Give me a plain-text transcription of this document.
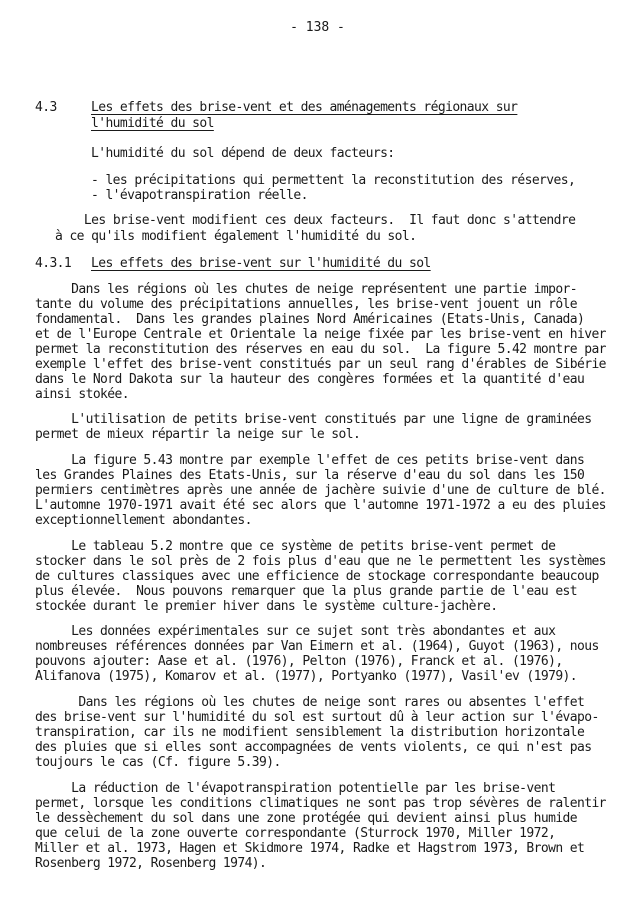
- 138 -
4.3	Les effets des brise-vent et des aménagements régionaux sur
l'humidité du sol
L'humidité du sol dépend de deux facteurs:
- les précipitations qui permettent la reconstitution des réserves,
- l'évapotranspiration réelle.
Les brise-vent modifient ces deux facteurs.  Il faut donc s'attendre
à ce qu'ils modifient également l'humidité du sol.
4.3.1 Les effets des brise-vent sur l'humidité du sol
Dans les régions où les chutes de neige représentent une partie impor-
tante du volume des précipitations annuelles, les brise-vent jouent un rôle
fondamental.  Dans les grandes plaines Nord Américaines (Etats-Unis, Canada)
et de l'Europe Centrale et Orientale la neige fixée par les brise-vent en hiver
permet la reconstitution des réserves en eau du sol.  La figure 5.42 montre par
exemple l'effet des brise-vent constitués par un seul rang d'érables de Sibérie
dans le Nord Dakota sur la hauteur des congères formées et la quantité d'eau
ainsi stokée.
L'utilisation de petits brise-vent constitués par une ligne de graminées
permet de mieux répartir la neige sur le sol.
La figure 5.43 montre par exemple l'effet de ces petits brise-vent dans
les Grandes Plaines des Etats-Unis, sur la réserve d'eau du sol dans les 150
permiers centimètres après une année de jachère suivie d'une de culture de blé.
L'automne 1970-1971 avait été sec alors que l'automne 1971-1972 a eu des pluies
exceptionnellement abondantes.
Le tableau 5.2 montre que ce système de petits brise-vent permet de
stocker dans le sol près de 2 fois plus d'eau que ne le permettent les systèmes
de cultures classiques avec une efficience de stockage correspondante beaucoup
plus élevée.  Nous pouvons remarquer que la plus grande partie de l'eau est
stockée durant le premier hiver dans le système culture-jachère.
Les données expérimentales sur ce sujet sont très abondantes et aux
nombreuses références données par Van Eimern et al. (1964), Guyot (1963), nous
pouvons ajouter: Aase et al. (1976), Pelton (1976), Franck et al. (1976),
Alifanova (1975), Komarov et al. (1977), Portyanko (1977), Vasil'ev (1979).
Dans les régions où les chutes de neige sont rares ou absentes l'effet
des brise-vent sur l'humidité du sol est surtout dû à leur action sur l'évapo-
transpiration, car ils ne modifient sensiblement la distribution horizontale
des pluies que si elles sont accompagnées de vents violents, ce qui n'est pas
toujours le cas (Cf. figure 5.39).
La réduction de l'évapotranspiration potentielle par les brise-vent
permet, lorsque les conditions climatiques ne sont pas trop sévères de ralentir
le dessèchement du sol dans une zone protégée qui devient ainsi plus humide
que celui de la zone ouverte correspondante (Sturrock 1970, Miller 1972,
Miller et al. 1973, Hagen et Skidmore 1974, Radke et Hagstrom 1973, Brown et
Rosenberg 1972, Rosenberg 1974).
